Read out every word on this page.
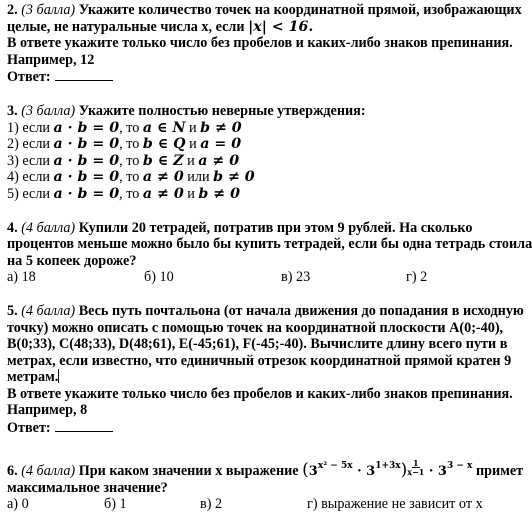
2. (3 балла) Укажите количество точек на координатной прямой, изображающих
целые, не натуральные числа х, если |x| < 16.
В ответе укажите только число без пробелов и каких-либо знаков препинания.
Например, 12
Ответ:
3. (3 балла) Укажите полностью неверные утверждения:
1) если a · b = 0, то a ∈ N и b ≠ 0
2) если a · b = 0, то b ∈ Q и a = 0
3) если a · b = 0, то b ∈ Z и a ≠ 0
4) если a · b = 0, то a ≠ 0 или b ≠ 0
5) если a · b = 0, то a ≠ 0 и b ≠ 0
4. (4 балла) Купили 20 тетрадей, потратив при этом 9 рублей. На сколько
процентов меньше можно было бы купить тетрадей, если бы одна тетрадь стоила
на 5 копеек дороже?
а) 18	б) 10	в) 23	г) 2
5. (4 балла) Весь путь почтальона (от начала движения до попадания в исходную
точку) можно описать с помощью точек на координатной плоскости А(0;-40),
В(0;33), С(48;33), D(48;61), Е(-45;61), F(-45;-40). Вычислите длину всего пути в
метрах, если известно, что единичный отрезок координатной прямой кратен 9
метрам.
В ответе укажите только число без пробелов и каких-либо знаков препинания.
Например, 8
Ответ:
6. (4 балла) При каком значении х выражение $(3^{x^2 - 5x} \cdot 3^{1+3x}) \frac{1}{x-1} \cdot 3^{3 - x}$ примет
максимальное значение?
а) 0	б) 1	в) 2	г) выражение не зависит от х
